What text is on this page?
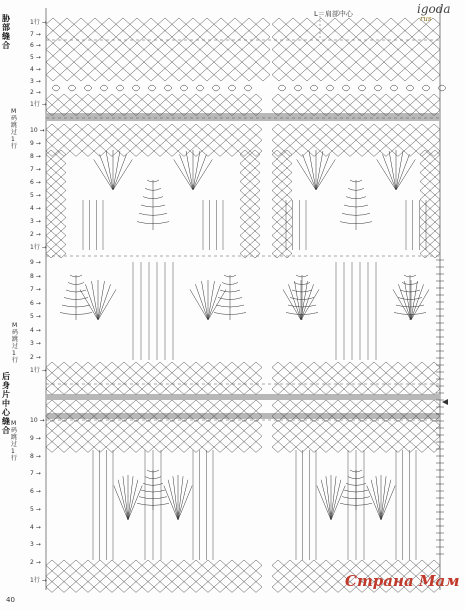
L＝肩部中心
胁部缝合
后身片中心缝合
M码跳过1行
M码跳过1行
M码跳过1行
1行 →
7 →
6 →
5 →
4 →
3 →
2 →
1行 →
10 →
9 →
8 →
7 →
6 →
5 →
4 →
3 →
2 →
1行 →
9 →
8 →
7 →
6 →
5 →
4 →
3 →
2 →
1行 →
10 →
9 →
8 →
7 →
6 →
5 →
4 →
3 →
2 →
1行 →
igoda
rus
40
Страна Мам
